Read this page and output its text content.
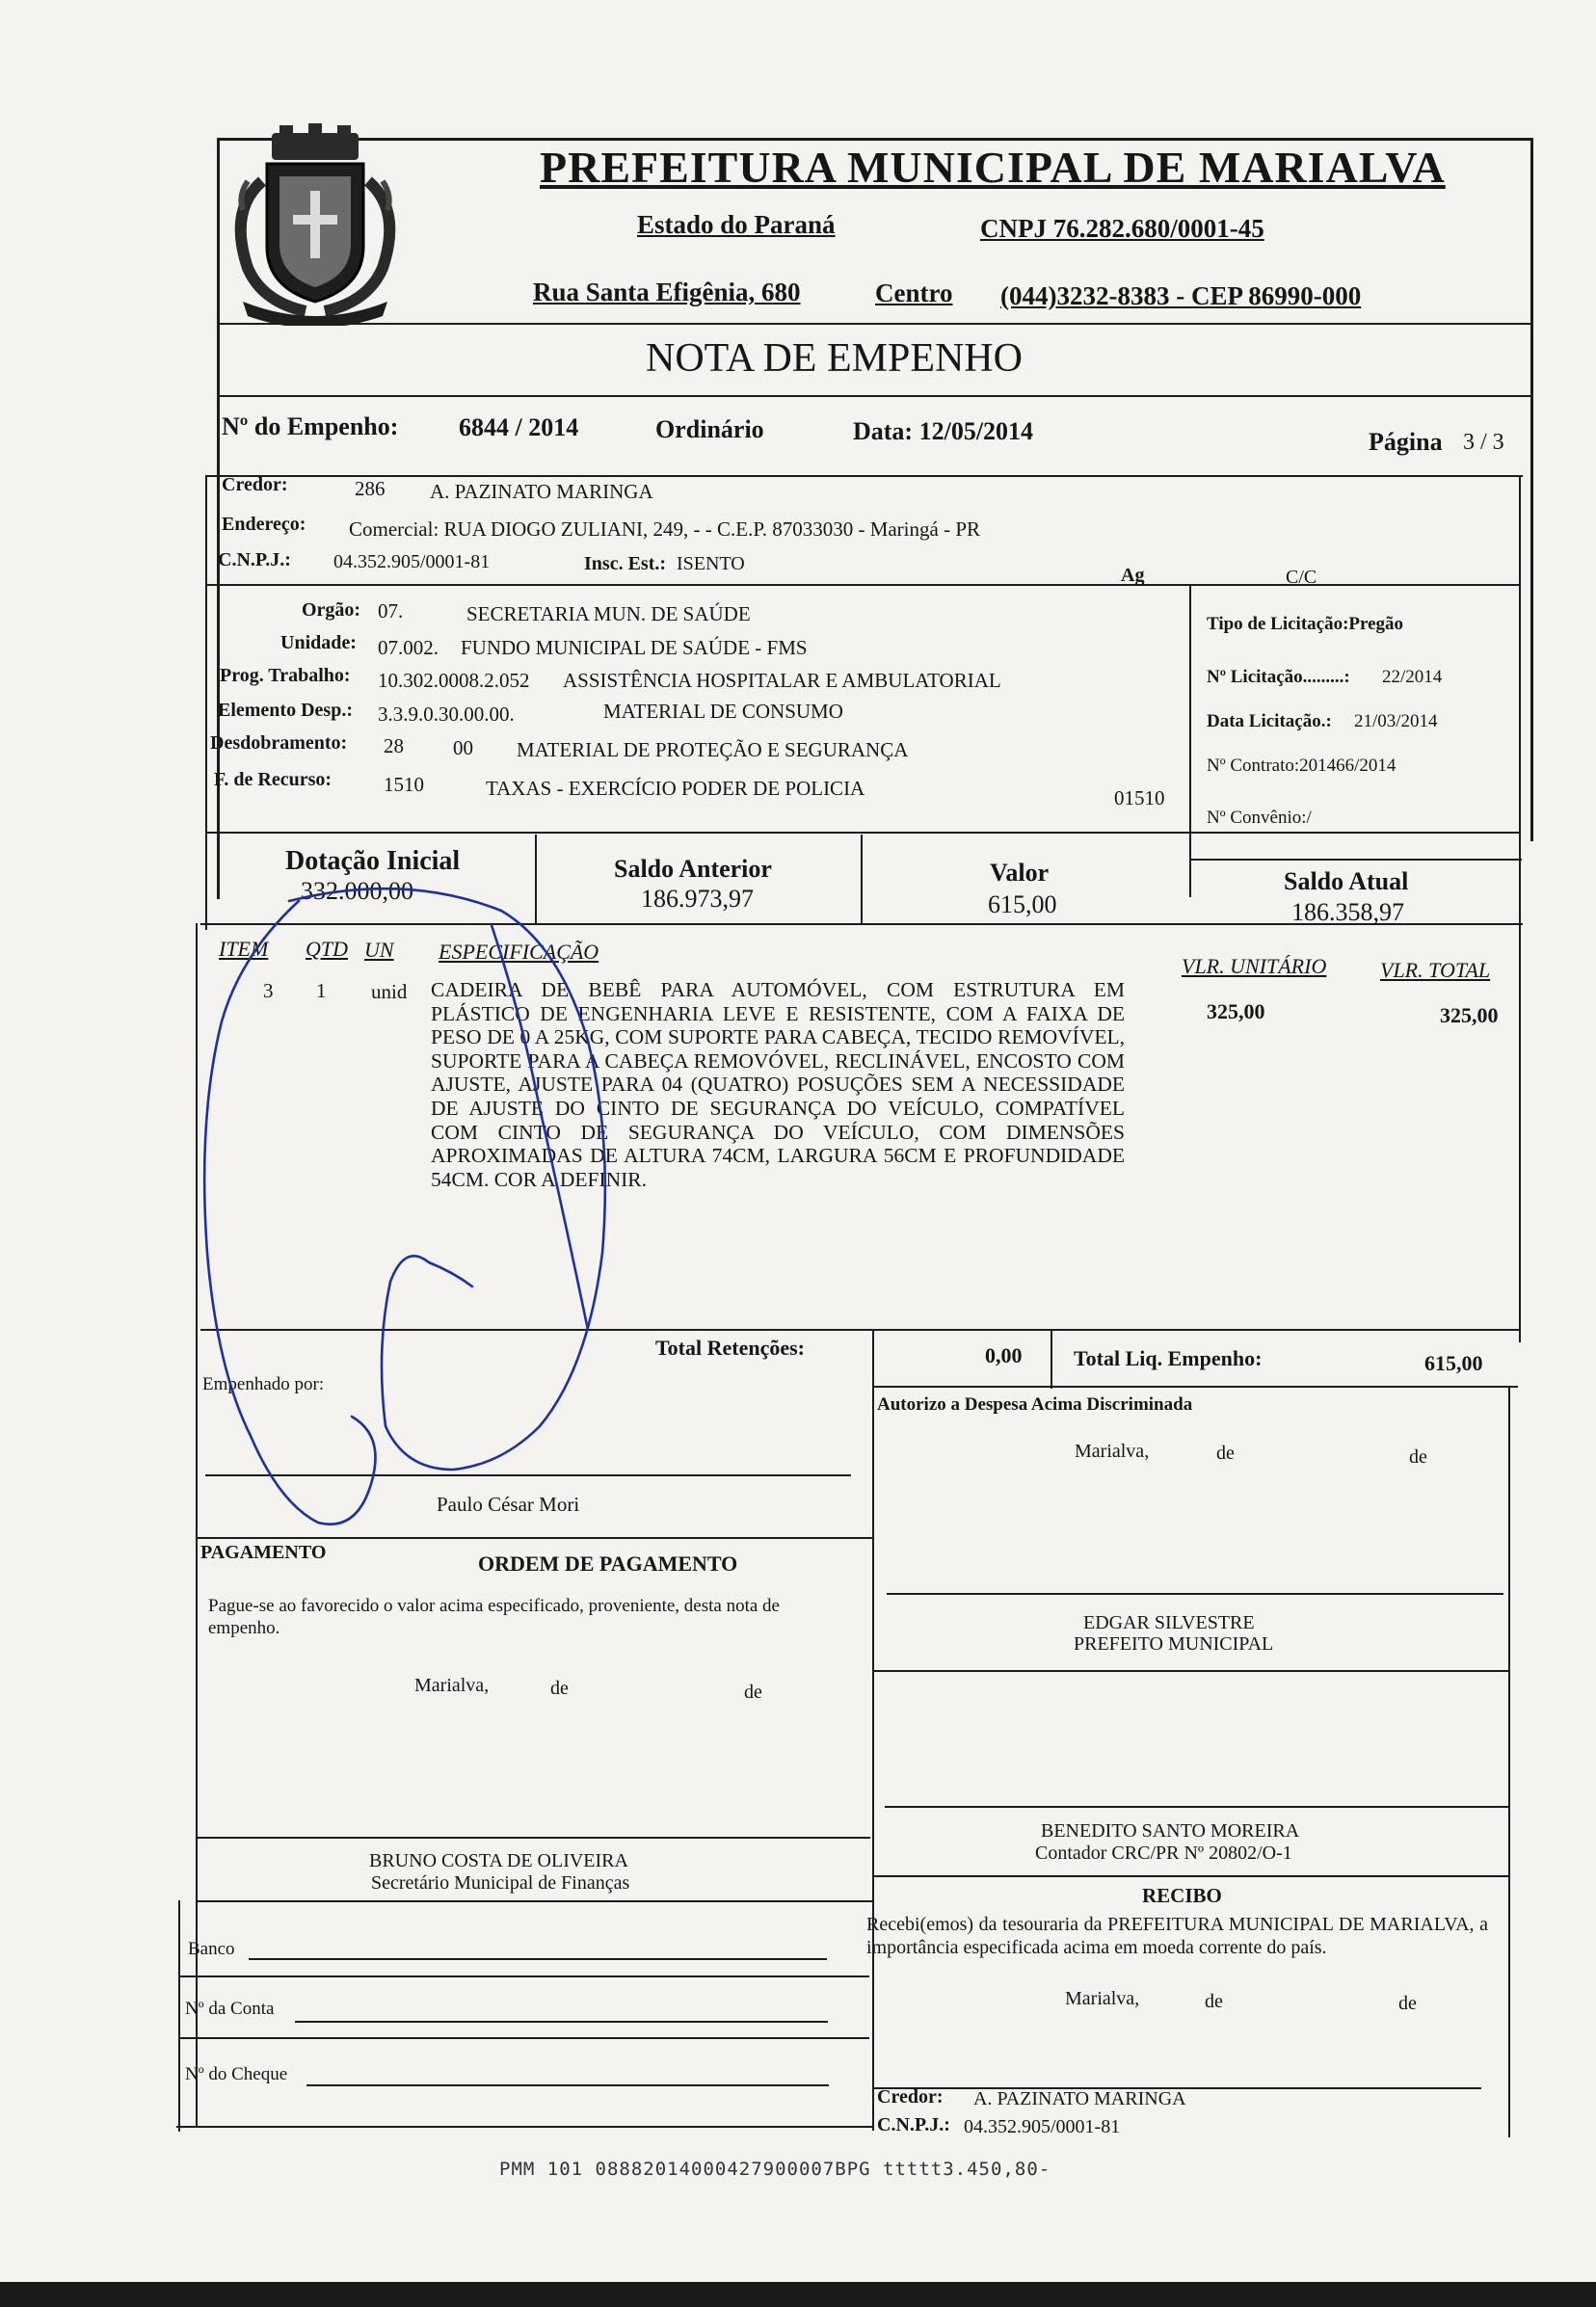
PREFEITURA MUNICIPAL DE MARIALVA
Estado do Paraná	CNPJ 76.282.680/0001-45
Rua Santa Efigênia, 680	Centro (044)3232-8383 - CEP 86990-000
NOTA DE EMPENHO
Nº do Empenho: 6844 / 2014	Ordinário	Data: 12/05/2014	Página 3 / 3
Credor:	286 A. PAZINATO MARINGA
Endereço: Comercial: RUA DIOGO ZULIANI, 249, - - C.E.P. 87033030 - Maringá - PR
C.N.P.J.: 04.352.905/0001-81	Insc. Est.: ISENTO
Ag	C/C
Orgão: 07.	SECRETARIA MUN. DE SAÚDE
Unidade: 07.002. FUNDO MUNICIPAL DE SAÚDE - FMS
Prog. Trabalho: 10.302.0008.2.052 ASSISTÊNCIA HOSPITALAR E AMBULATORIAL
Elemento Desp.: 3.3.9.0.30.00.00.	MATERIAL DE CONSUMO
Desdobramento: 28 00 MATERIAL DE PROTEÇÃO E SEGURANÇA
F. de Recurso:	1510	TAXAS - EXERCÍCIO PODER DE POLICIA	01510
Tipo de Licitação:Pregão
Nº Licitação.........: 22/2014
Data Licitação.: 21/03/2014
Nº Contrato:201466/2014
Nº Convênio:/
Dotação Inicial
332.000,00
Saldo Anterior
186.973,97
Valor
615,00
Saldo Atual
186.358,97
ITEM QTD UN ESPECIFICAÇÃO
VLR. UNITÁRIO	VLR. TOTAL
3 1 unid CADEIRA DE BEBÊ PARA AUTOMÓVEL, COM ESTRUTURA EM PLÁSTICO DE ENGENHARIA LEVE E RESISTENTE, COM A FAIXA DE PESO DE 0 A 25KG, COM SUPORTE PARA CABEÇA, TECIDO REMOVÍVEL, SUPORTE PARA A CABEÇA REMOVÓVEL, RECLINÁVEL, ENCOSTO COM AJUSTE, AJUSTE PARA 04 (QUATRO) POSUÇÕES SEM A NECESSIDADE DE AJUSTE DO CINTO DE SEGURANÇA DO VEÍCULO, COMPATÍVEL COM CINTO DE SEGURANÇA DO VEÍCULO, COM DIMENSÕES APROXIMADAS DE ALTURA 74CM, LARGURA 56CM E PROFUNDIDADE 54CM. COR A DEFINIR.
325,00	325,00
Total Retenções:	0,00 Total Liq. Empenho:	615,00
Empenhado por:
Paulo César Mori
Autorizo a Despesa Acima Discriminada
Marialva,	de	de
EDGAR SILVESTRE
PREFEITO MUNICIPAL
PAGAMENTO	ORDEM DE PAGAMENTO
Pague-se ao favorecido o valor acima especificado, proveniente, desta nota de empenho.
Marialva,	de	de
BRUNO COSTA DE OLIVEIRA
Secretário Municipal de Finanças
BENEDITO SANTO MOREIRA
Contador CRC/PR Nº 20802/O-1
RECIBO
Recebi(emos) da tesouraria da PREFEITURA MUNICIPAL DE MARIALVA, a importância especificada acima em moeda corrente do país.
Marialva,	de	de
Credor: A. PAZINATO MARINGA
C.N.P.J.: 04.352.905/0001-81
Banco
Nº da Conta
Nº do Cheque
PMM 101 08882014000427900007BPG ttttt3.450,80-
